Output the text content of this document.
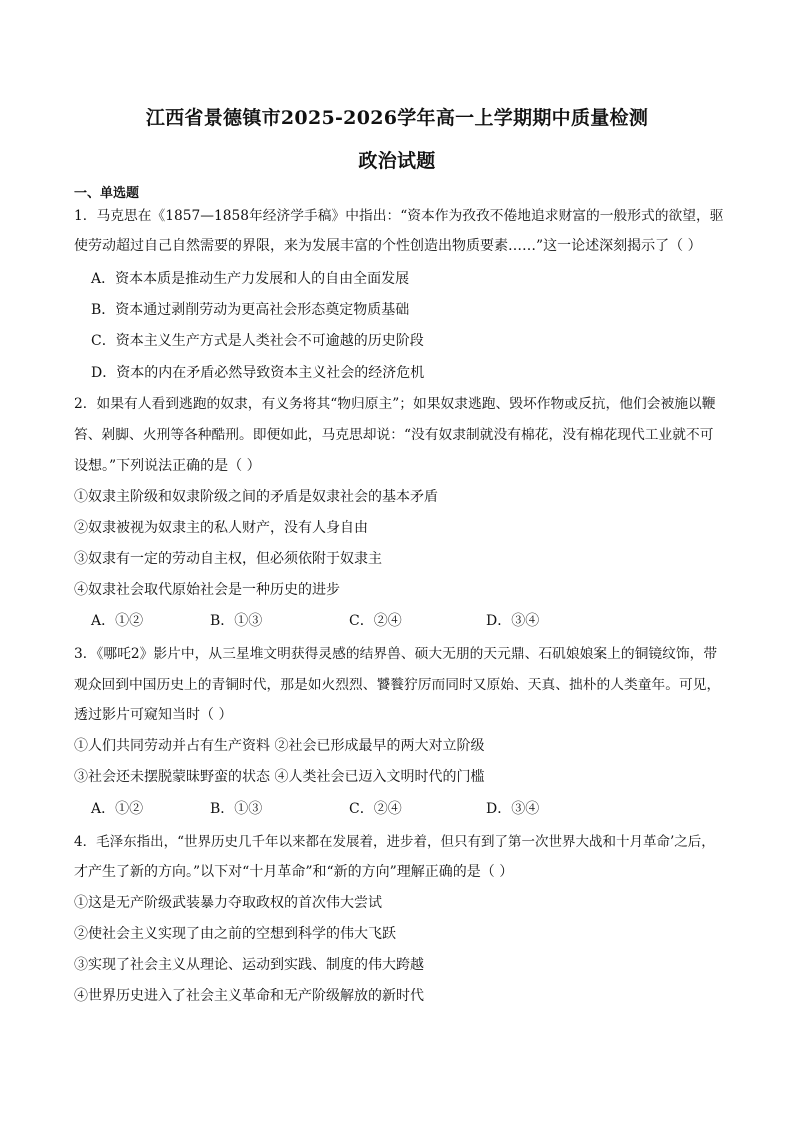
江西省景德镇市2025-2026学年高一上学期期中质量检测
政治试题
一、单选题
1．马克思在《1857—1858年经济学手稿》中指出：“资本作为孜孜不倦地追求财富的一般形式的欲望，驱
使劳动超过自己自然需要的界限，来为发展丰富的个性创造出物质要素……”这一论述深刻揭示了（ ）
A．资本本质是推动生产力发展和人的自由全面发展
B．资本通过剥削劳动为更高社会形态奠定物质基础
C．资本主义生产方式是人类社会不可逾越的历史阶段
D．资本的内在矛盾必然导致资本主义社会的经济危机
2．如果有人看到逃跑的奴隶，有义务将其“物归原主”；如果奴隶逃跑、毁坏作物或反抗，他们会被施以鞭
笞、剁脚、火刑等各种酷刑。即便如此，马克思却说：“没有奴隶制就没有棉花，没有棉花现代工业就不可
设想。”下列说法正确的是（ ）
①奴隶主阶级和奴隶阶级之间的矛盾是奴隶社会的基本矛盾
②奴隶被视为奴隶主的私人财产，没有人身自由
③奴隶有一定的劳动自主权，但必须依附于奴隶主
④奴隶社会取代原始社会是一种历史的进步
A．①②	B．①③	C．②④	D．③④
3．《哪吒2》影片中，从三星堆文明获得灵感的结界兽、硕大无朋的天元鼎、石矶娘娘案上的铜镜纹饰，带
观众回到中国历史上的青铜时代，那是如火烈烈、饕餮狞厉而同时又原始、天真、拙朴的人类童年。可见，
透过影片可窥知当时（ ）
①人们共同劳动并占有生产资料 ②社会已形成最早的两大对立阶级
③社会还未摆脱蒙昧野蛮的状态 ④人类社会已迈入文明时代的门槛
A．①②	B．①③	C．②④	D．③④
4．毛泽东指出，“世界历史几千年以来都在发展着，进步着，但只有到了第一次世界大战和十月革命’之后，
才产生了新的方向。”以下对“十月革命”和“新的方向”理解正确的是（ ）
①这是无产阶级武装暴力夺取政权的首次伟大尝试
②使社会主义实现了由之前的空想到科学的伟大飞跃
③实现了社会主义从理论、运动到实践、制度的伟大跨越
④世界历史进入了社会主义革命和无产阶级解放的新时代
